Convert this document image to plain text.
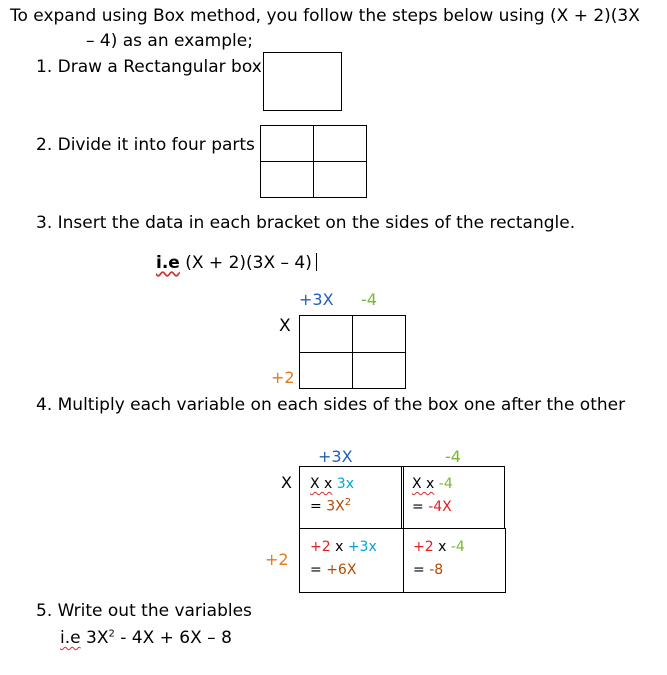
To expand using Box method, you follow the steps below using (X + 2)(3X
– 4) as an example;
1. Draw a Rectangular box
2. Divide it into four parts
3. Insert the data in each bracket on the sides of the rectangle.
i.e (X + 2)(3X – 4)
+3X -4
X
+2
4. Multiply each variable on each sides of the box one after the other
+3X	-4
X
+2
X x 3x
= $3X^2$
X x -4
= -4X
+2 x +3x
= +6X
+2 x -4
= -8
5. Write out the variables
i.e $3X^2 - 4X + 6X - 8$
